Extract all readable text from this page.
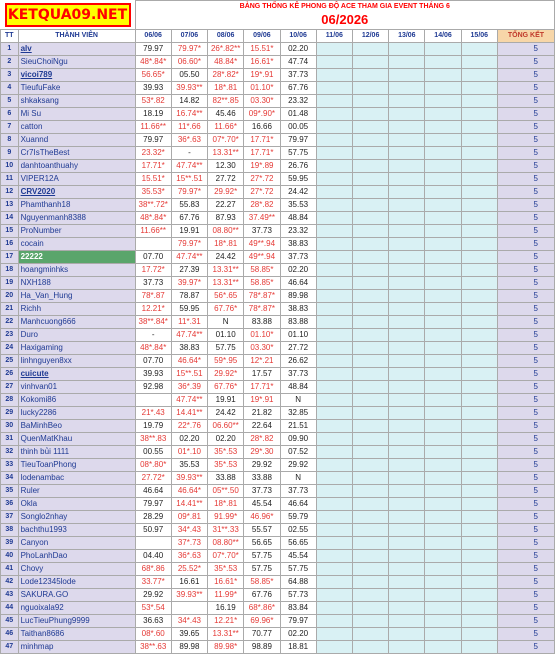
KETQUA09.NET		BẢNG THỐNG KÊ PHONG ĐỘ ACE THAM GIA EVENT THÁNG 6
06/2026										

TT	THÀNH VIÊN	06/06	07/06	08/06	09/06	10/06	11/06	12/06	13/06	14/06	15/06	TỔNG KẾT
1	alv	79.97	79.97*	26*.82**	15.51*	02.20						5
2	SieuChoiNgu	48*.84*	06.60*	48.84*	16.61*	47.74						5
3	vicoi789	56.65*	05.50	28*.82*	19*.91	37.73						5
4	TieufuFake	39.93	39.93**	18*.81	01.10*	67.76						5
5	shkaksang	53*.82	14.82	82**.85	03.30*	23.32						5
6	Mi Su	18.19	16.74**	45.46	09*.90*	01.48						5
7	catton	11.66**	11*.66	11.66*	16.66	00.05						5
8	Xuannd	79.97	36*.63	07*.70*	17.71*	79.97						5
9	Cr7IsTheBest	23.32*	-	13.31**	17.71*	57.75						5
10	danhtoanthuahy	17.71*	47.74**	12.30	19*.89	26.76						5
11	VIPER12A	15.51*	15**.51	27.72	27*.72	59.95						5
12	CRV2020	35.53*	79.97*	29.92*	27*.72	24.42						5
13	Phamthanh18	38**.72*	55.83	22.27	28*.82	35.53						5
14	Nguyenmanh8388	48*.84*	67.76	87.93	37.49**	48.84						5
15	ProNumber	11.66**	19.91	08.80**	37.73	23.32						5
16	cocain		79.97*	18*.81	49**.94	38.83						5
17	22222	07.70	47.74**	24.42	49**.94	37.73						5
18	hoangminhks	17.72*	27.39	13.31**	58.85*	02.20						5
19	NXH188	37.73	39.97*	13.31**	58.85*	46.64						5
20	Ha_Van_Hung	78*.87	78.87	56*.65	78*.87*	89.98						5
21	Richh	12.21*	59.95	67.76*	78*.87*	38.83						5
22	Manhcuong666	38**.84*	11*.31	N	83.88	83.88						5
23	Duro	-	47.74**	01.10	01.10*	01.10						5
24	Haxigaming	48*.84*	38.83	57.75	03.30*	27.72						5
25	linhnguyen8xx	07.70	46.64*	59*.95	12*.21	26.62						5
26	cuicute	39.93	15**.51	29.92*	17.57	37.73						5
27	vinhvan01	92.98	36*.39	67.76*	17.71*	48.84						5
28	Kokomi86		47.74**	19.91	19*.91	N						5
29	lucky2286	21*.43	14.41**	24.42	21.82	32.85						5
30	BaMinhBeo	19.79	22*.76	06.60**	22.64	21.51						5
31	QuenMatKhau	38**.83	02.20	02.20	28*.82	09.90						5
32	thinh bủi 1111	00.55	01*.10	35*.53	29*.30	07.52						5
33	TieuToanPhong	08*.80*	35.53	35*.53	29.92	29.92						5
34	lodenambac	27.72*	39.93**	33.88	33.88	N						5
35	Ruler	46.64	46.64*	05**.50	37.73	37.73						5
36	Okla	79.97	14.41**	18*.81	45.54	46.64						5
37	Songlo2nhay	28.29	09*.81	91.99*	46.96*	59.79						5
38	bachthu1993	50.97	34*.43	31**.33	55.57	02.55						5
39	Canyon		37*.73	08.80**	56.65	56.65						5
40	PhoLanhDao	04.40	36*.63	07*.70*	57.75	45.54						5
41	Chovy	68*.86	25.52*	35*.53	57.75	57.75						5
42	Lode12345lode	33.77*	16.61	16.61*	58.85*	64.88						5
43	SAKURA.GO	29.92	39.93**	11.99*	67.76	57.73						5
44	nguoixala92	53*.54		16.19	68*.86*	83.84						5
45	LucTieuPhung9999	36.63	34*.43	12.21*	69.96*	79.97						5
46	Taithan8686	08*.60	39.65	13.31**	70.77	02.20						5
47	minhmap	38**.63	89.98	89.98*	98.89	18.81						5
